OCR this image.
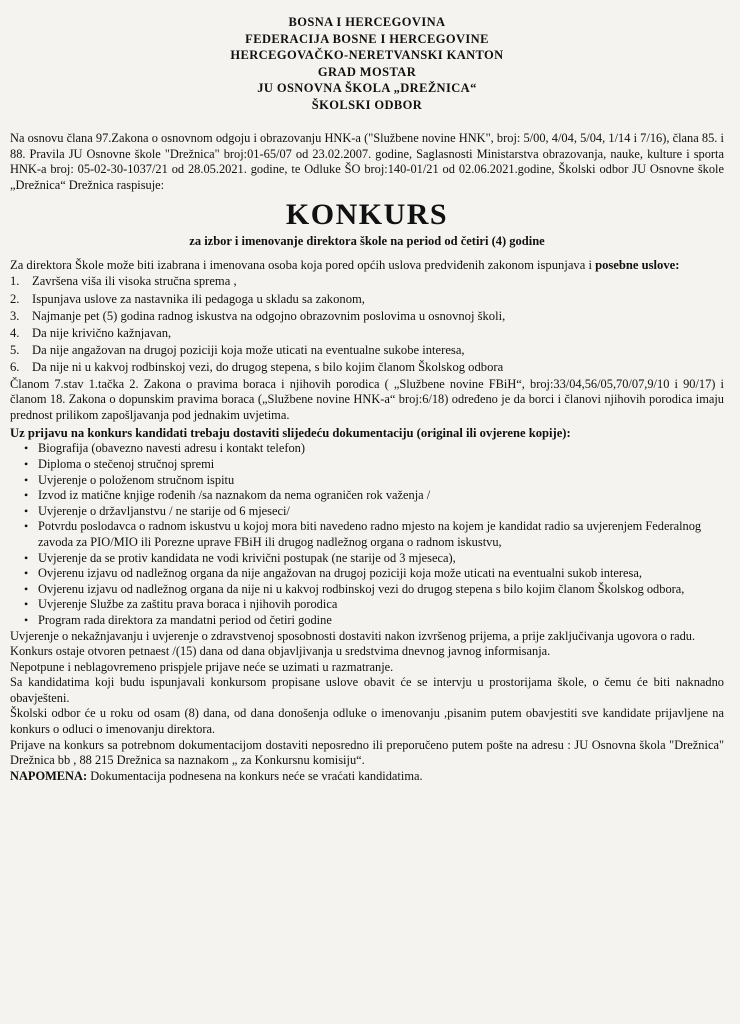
BOSNA I HERCEGOVINA
FEDERACIJA BOSNE I HERCEGOVINE
HERCEGOVAČKO-NERETVANSKI KANTON
GRAD MOSTAR
JU OSNOVNA ŠKOLA „DREŽNICA“
ŠKOLSKI ODBOR
Na osnovu člana 97.Zakona o osnovnom odgoju i obrazovanju HNK-a ("Službene novine HNK", broj: 5/00, 4/04, 5/04, 1/14 i 7/16), člana 85. i 88. Pravila JU Osnovne škole "Drežnica" broj:01-65/07 od 23.02.2007. godine, Saglasnosti Ministarstva obrazovanja, nauke, kulture i sporta HNK-a broj: 05-02-30-1037/21 od 28.05.2021. godine, te Odluke ŠO broj:140-01/21 od 02.06.2021.godine, Školski odbor JU Osnovne škole „Drežnica“ Drežnica raspisuje:
KONKURS
za izbor i imenovanje direktora škole na period od četiri (4) godine
Za direktora Škole može biti izabrana i imenovana osoba koja pored općih uslova predviđenih zakonom ispunjava i posebne uslove:
1. Završena viša ili visoka stručna sprema ,
2. Ispunjava uslove za nastavnika ili pedagoga u skladu sa zakonom,
3. Najmanje pet (5) godina radnog iskustva na odgojno obrazovnim poslovima u osnovnoj školi,
4. Da nije krivično kažnjavan,
5. Da nije angažovan na drugoj poziciji koja može uticati na eventualne sukobe interesa,
6. Da nije ni u kakvoj rodbinskoj vezi, do drugog stepena, s bilo kojim članom Školskog odbora
Članom 7.stav 1.tačka 2. Zakona o pravima boraca i njihovih porodica ( „Službene novine FBiH“, broj:33/04,56/05,70/07,9/10 i 90/17) i članom 18. Zakona o dopunskim pravima boraca („Službene novine HNK-a“ broj:6/18) određeno je da borci i članovi njihovih porodica imaju prednost prilikom zapošljavanja pod jednakim uvjetima.
Uz prijavu na konkurs kandidati trebaju dostaviti slijedeću dokumentaciju (original ili ovjerene kopije):
• Biografija (obavezno navesti adresu i kontakt telefon)
• Diploma o stečenoj stručnoj spremi
• Uvjerenje o položenom stručnom ispitu
• Izvod iz matične knjige rođenih /sa naznakom da nema ograničen rok važenja /
• Uvjerenje o državljanstvu / ne starije od 6 mjeseci/
• Potvrdu poslodavca o radnom iskustvu u kojoj mora biti navedeno radno mjesto na kojem je kandidat radio sa uvjerenjem Federalnog zavoda za PIO/MIO ili Porezne uprave FBiH ili drugog nadležnog organa o radnom iskustvu,
• Uvjerenje da se protiv kandidata ne vodi krivični postupak (ne starije od 3 mjeseca),
• Ovjerenu izjavu od nadležnog organa da nije angažovan na drugoj poziciji koja može uticati na eventualni sukob interesa,
• Ovjerenu izjavu od nadležnog organa da nije ni u kakvoj rodbinskoj vezi do drugog stepena s bilo kojim članom Školskog odbora,
• Uvjerenje Službe za zaštitu prava boraca i njihovih porodica
• Program rada direktora za mandatni period od četiri godine
Uvjerenje o nekažnjavanju i uvjerenje o zdravstvenoj sposobnosti dostaviti nakon izvršenog prijema, a prije zaključivanja ugovora o radu.
Konkurs ostaje otvoren petnaest /(15) dana od dana objavljivanja u sredstvima dnevnog javnog informisanja.
Nepotpune i neblagovremeno prispjele prijave neće se uzimati u razmatranje.
Sa kandidatima koji budu ispunjavali konkursom propisane uslove obavit će se intervju u prostorijama škole, o čemu će biti naknadno obavješteni.
Školski odbor će u roku od osam (8) dana, od dana donošenja odluke o imenovanju ,pisanim putem obavjestiti sve kandidate prijavljene na konkurs o odluci o imenovanju direktora.
Prijave na konkurs sa potrebnom dokumentacijom dostaviti neposredno ili preporučeno putem pošte na adresu : JU Osnovna škola "Drežnica" Drežnica bb , 88 215 Drežnica sa naznakom „ za Konkursnu komisiju“.
NAPOMENA: Dokumentacija podnesena na konkurs neće se vraćati kandidatima.
